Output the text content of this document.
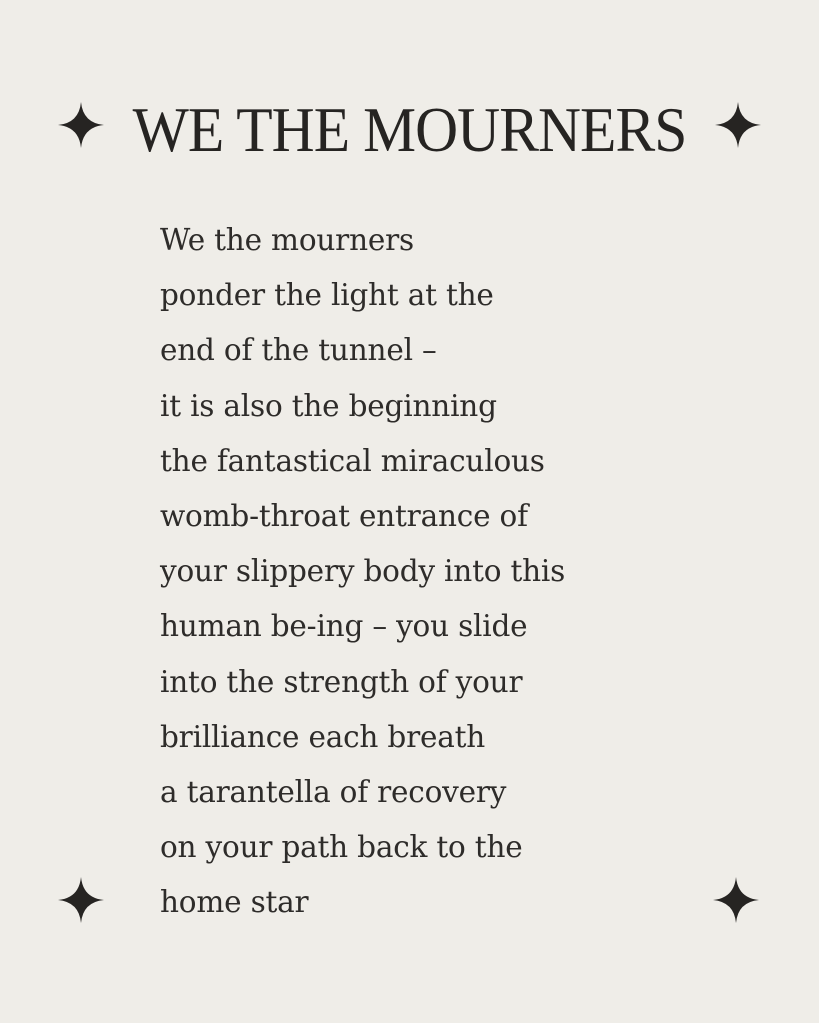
WE THE MOURNERS
We the mourners
ponder the light at the
end of the tunnel –
it is also the beginning
the fantastical miraculous
womb-throat entrance of
your slippery body into this
human be-ing – you slide
into the strength of your
brilliance each breath
a tarantella of recovery
on your path back to the
home star
